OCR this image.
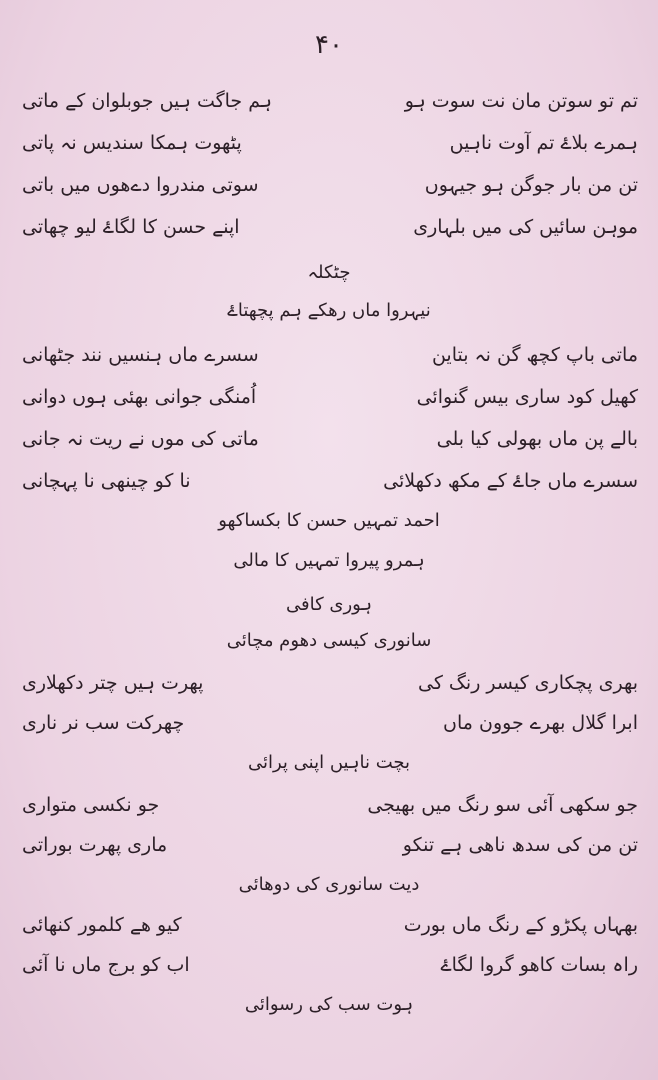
۴۰
تم تو سوتن مان نت سوت ہو
ہم جاگت ہیں جوبلوان کے ماتی
ہمرے بلاۓ تم آوت ناہیں
پٹھوت ہمکا سندیس نہ پاتی
تن من بار جوگن ہو جیہوں
سوتی مندروا دےھوں میں باتی
موہن سائیں کی میں بلہاری
اپنے حسن کا لگاۓ لیو چھاتی
چٹکلہ
نیہروا ماں رھکے ہم پچھتاۓ
ماتی باپ کچھ گن نہ بتاین
سسرے ماں ہنسیں نند جٹھانی
کھیل کود ساری بیس گنوائی
اُمنگی جوانی بھئی ہوں دوانی
بالے پن ماں بھولی کیا بلی
ماتی کی موں نے ریت نہ جانی
سسرے ماں جاۓ کے مکھ دکھلائی
نا کو چینھی نا پہچانی
احمد تمہیں حسن کا بکساکھو
ہمرو پیروا تمہیں کا مالی
ہوری کافی
سانوری کیسی دھوم مچائی
بھری پچکاری کیسر رنگ کی
پھرت ہیں چتر دکھلاری
ابرا گلال بھرے جوون ماں
چھرکت سب نر ناری
بچت ناہیں اپنی پرائی
جو سکھی آئی سو رنگ میں بھیجی
جو نکسی متواری
تن من کی سدھ ناھی ہے تنکو
ماری پھرت بوراتی
دیت سانوری کی دوھائی
بھہاں پکڑو کے رنگ ماں بورت
کیو ھے کلمور کنھائی
راہ بسات کاھو گروا لگاۓ
اب کو برج ماں نا آئی
ہوت سب کی رسوائی
